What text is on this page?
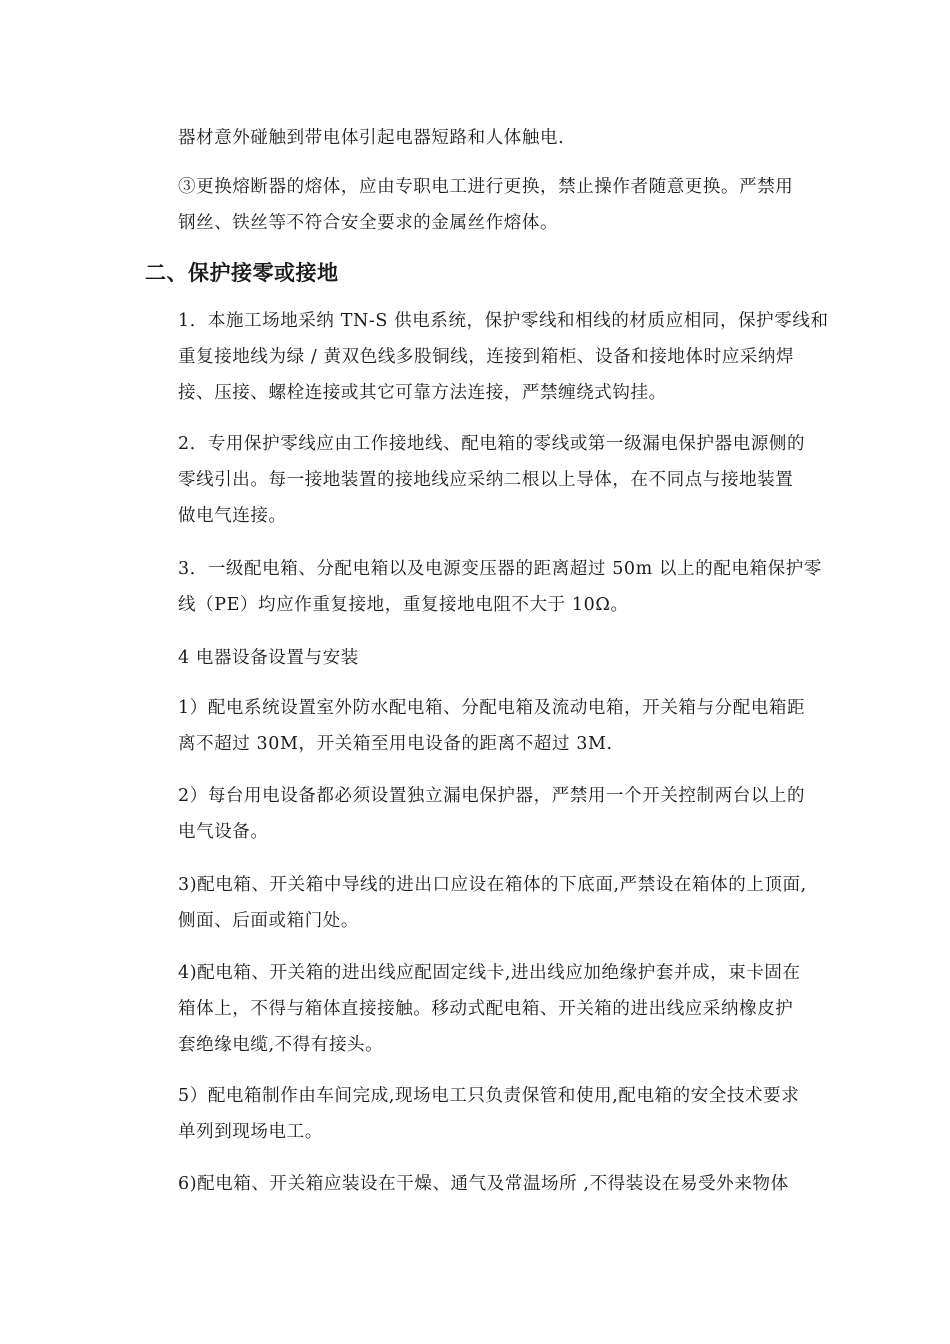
器材意外碰触到带电体引起电器短路和人体触电.

③更换熔断器的熔体，应由专职电工进行更换，禁止操作者随意更换。严禁用
钢丝、铁丝等不符合安全要求的金属丝作熔体。

二、保护接零或接地

1．本施工场地采纳 TN-S 供电系统，保护零线和相线的材质应相同，保护零线和
重复接地线为绿 / 黄双色线多股铜线，连接到箱柜、设备和接地体时应采纳焊
接、压接、螺栓连接或其它可靠方法连接，严禁缠绕式钩挂。

2．专用保护零线应由工作接地线、配电箱的零线或第一级漏电保护器电源侧的
零线引出。每一接地装置的接地线应采纳二根以上导体，在不同点与接地装置
做电气连接。

3．一级配电箱、分配电箱以及电源变压器的距离超过 50m 以上的配电箱保护零
线（PE）均应作重复接地，重复接地电阻不大于 10Ω。

4 电器设备设置与安装

1）配电系统设置室外防水配电箱、分配电箱及流动电箱，开关箱与分配电箱距
离不超过 30M，开关箱至用电设备的距离不超过 3M.

2）每台用电设备都必须设置独立漏电保护器，严禁用一个开关控制两台以上的
电气设备。

3)配电箱、开关箱中导线的进出口应设在箱体的下底面,严禁设在箱体的上顶面,
侧面、后面或箱门处。

4)配电箱、开关箱的进出线应配固定线卡,进出线应加绝缘护套并成，束卡固在
箱体上，不得与箱体直接接触。移动式配电箱、开关箱的进出线应采纳橡皮护
套绝缘电缆,不得有接头。

5）配电箱制作由车间完成,现场电工只负责保管和使用,配电箱的安全技术要求
单列到现场电工。

6)配电箱、开关箱应装设在干燥、通气及常温场所 ,不得装设在易受外来物体
